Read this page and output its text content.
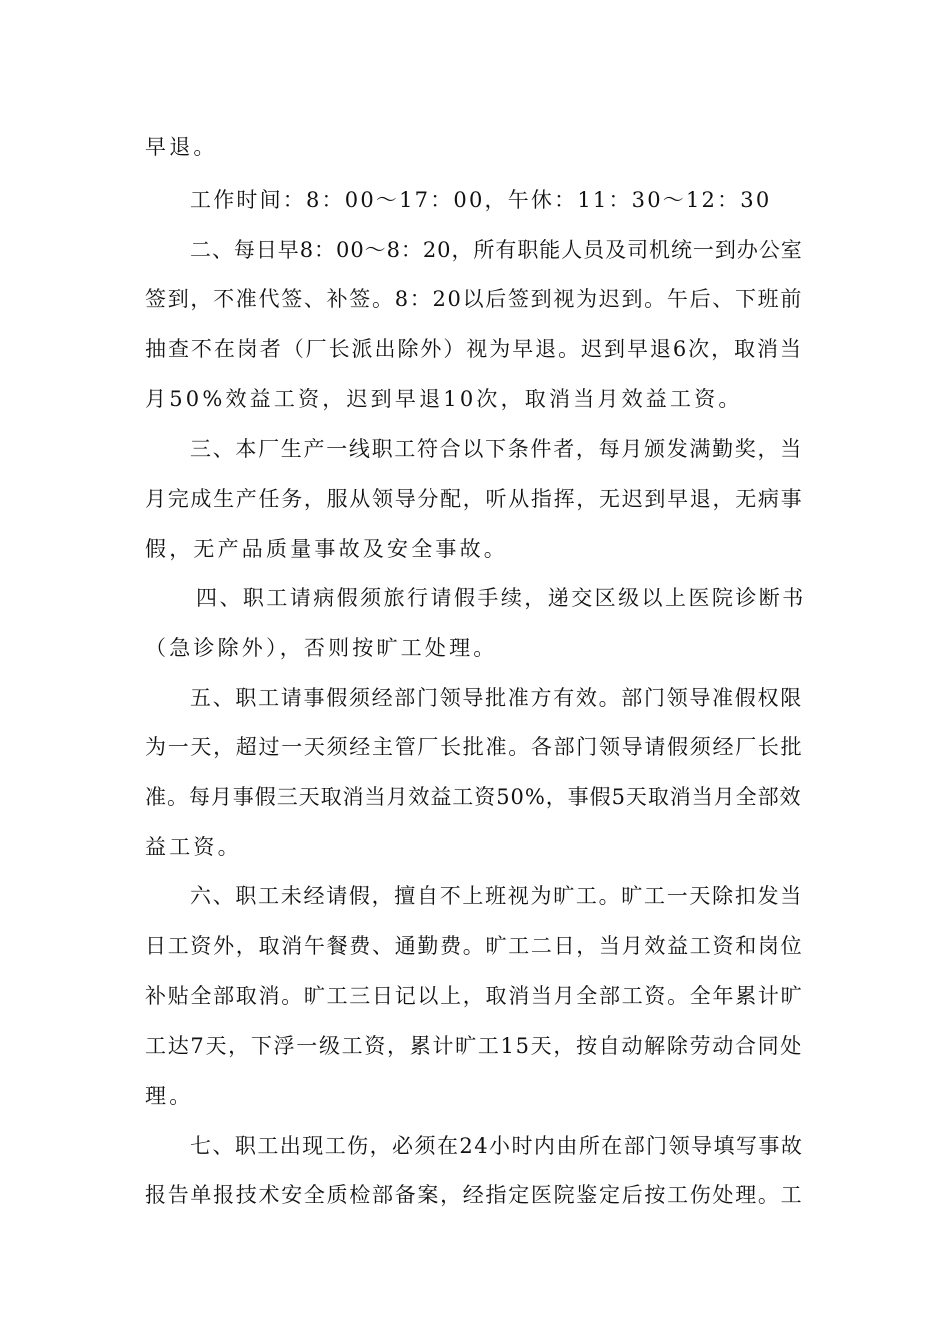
早退。
工作时间：8：00～17：00，午休：11：30～12：30
二、每日早8：00～8：20，所有职能人员及司机统一到办公室
签到，不准代签、补签。8：20以后签到视为迟到。午后、下班前
抽查不在岗者（厂长派出除外）视为早退。迟到早退6次，取消当
月50%效益工资，迟到早退10次，取消当月效益工资。
三、本厂生产一线职工符合以下条件者，每月颁发满勤奖，当
月完成生产任务，服从领导分配，听从指挥，无迟到早退，无病事
假，无产品质量事故及安全事故。
四、职工请病假须旅行请假手续，递交区级以上医院诊断书
（急诊除外），否则按旷工处理。
五、职工请事假须经部门领导批准方有效。部门领导准假权限
为一天，超过一天须经主管厂长批准。各部门领导请假须经厂长批
准。每月事假三天取消当月效益工资50%，事假5天取消当月全部效
益工资。
六、职工未经请假，擅自不上班视为旷工。旷工一天除扣发当
日工资外，取消午餐费、通勤费。旷工二日，当月效益工资和岗位
补贴全部取消。旷工三日记以上，取消当月全部工资。全年累计旷
工达7天，下浮一级工资，累计旷工15天，按自动解除劳动合同处
理。
七、职工出现工伤，必须在24小时内由所在部门领导填写事故
报告单报技术安全质检部备案，经指定医院鉴定后按工伤处理。工
